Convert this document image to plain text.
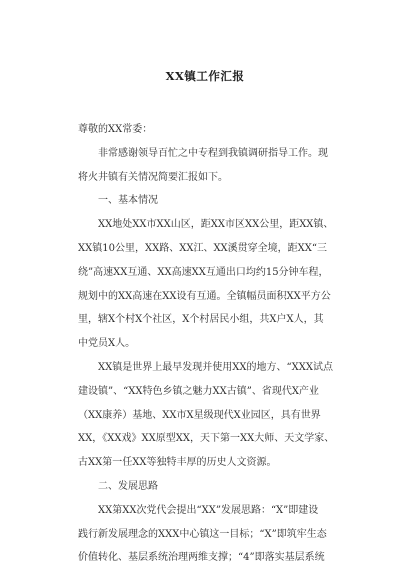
XX镇工作汇报
尊敬的XX常委：
非常感谢领导百忙之中专程到我镇调研指导工作。现
将火井镇有关情况简要汇报如下。
一、基本情况
XX地处XX市XX山区，距XX市区XX公里，距XX镇、
XX镇10公里，XX路、XX江、XX溪贯穿全境，距XX“三
绕”高速XX互通、XX高速XX互通出口均约15分钟车程，
规划中的XX高速在XX设有互通。全镇幅员面积XX平方公
里，辖X个村X个社区，X个村居民小组，共X户X人，其
中党员X人。
XX镇是世界上最早发现并使用XX的地方、“XXX试点
建设镇”、“XX特色乡镇之魅力XX古镇”、省现代X产业
（XX康养）基地、XX市X星级现代X业园区，具有世界
XX，《XX戏》XX原型XX，天下第一XX大师、天文学家、
古XX第一任XX等独特丰厚的历史人文资源。
二、发展思路
XX第XX次党代会提出“XX”发展思路：“X”即建设
践行新发展理念的XXX中心镇这一目标；“X”即筑牢生态
价值转化、基层系统治理两维支撑；“4”即落实基层系统
